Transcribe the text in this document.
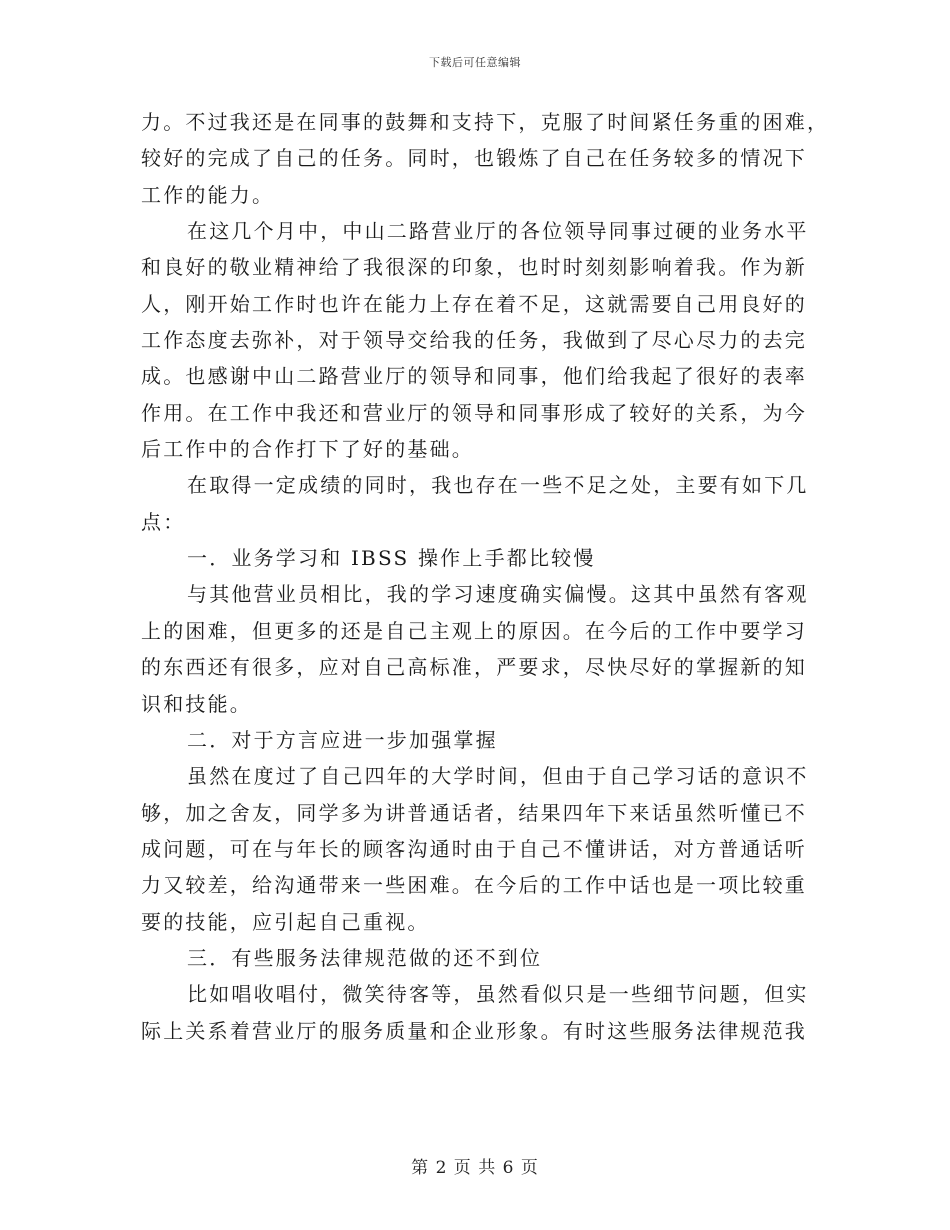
下载后可任意编辑
力。不过我还是在同事的鼓舞和支持下，克服了时间紧任务重的困难，
较好的完成了自己的任务。同时，也锻炼了自己在任务较多的情况下
工作的能力。
在这几个月中，中山二路营业厅的各位领导同事过硬的业务水平
和良好的敬业精神给了我很深的印象，也时时刻刻影响着我。作为新
人，刚开始工作时也许在能力上存在着不足，这就需要自己用良好的
工作态度去弥补，对于领导交给我的任务，我做到了尽心尽力的去完
成。也感谢中山二路营业厅的领导和同事，他们给我起了很好的表率
作用。在工作中我还和营业厅的领导和同事形成了较好的关系，为今
后工作中的合作打下了好的基础。
在取得一定成绩的同时，我也存在一些不足之处，主要有如下几
点：
一．业务学习和 IBSS 操作上手都比较慢
与其他营业员相比，我的学习速度确实偏慢。这其中虽然有客观
上的困难，但更多的还是自己主观上的原因。在今后的工作中要学习
的东西还有很多，应对自己高标准，严要求，尽快尽好的掌握新的知
识和技能。
二．对于方言应进一步加强掌握
虽然在度过了自己四年的大学时间，但由于自己学习话的意识不
够，加之舍友，同学多为讲普通话者，结果四年下来话虽然听懂已不
成问题，可在与年长的顾客沟通时由于自己不懂讲话，对方普通话听
力又较差，给沟通带来一些困难。在今后的工作中话也是一项比较重
要的技能，应引起自己重视。
三．有些服务法律规范做的还不到位
比如唱收唱付，微笑待客等，虽然看似只是一些细节问题，但实
际上关系着营业厅的服务质量和企业形象。有时这些服务法律规范我
第 2 页 共 6 页
